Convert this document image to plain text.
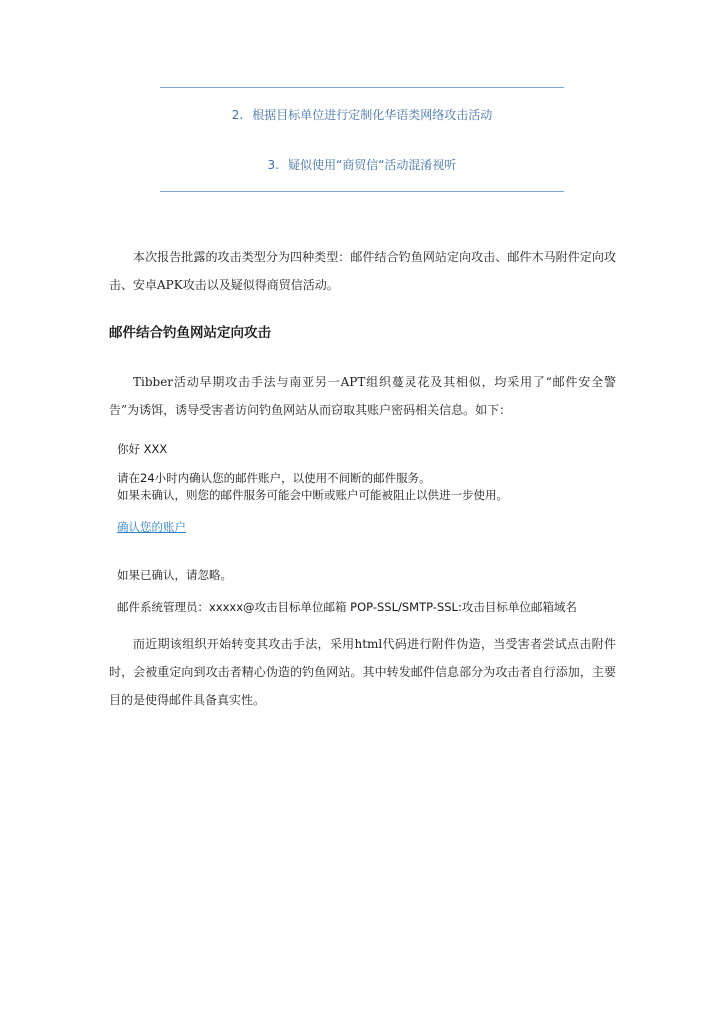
2. 根据目标单位进行定制化华语类网络攻击活动
3. 疑似使用“商贸信“活动混淆视听
本次报告批露的攻击类型分为四种类型：邮件结合钓鱼网站定向攻击、邮件木马附件定向攻击、安卓APK攻击以及疑似得商贸信活动。
邮件结合钓鱼网站定向攻击
Tibber活动早期攻击手法与南亚另一APT组织蔓灵花及其相似，均采用了“邮件安全警告”为诱饵，诱导受害者访问钓鱼网站从而窃取其账户密码相关信息。如下：
你好 XXX
请在24小时内确认您的邮件账户，以使用不间断的邮件服务。
如果未确认，则您的邮件服务可能会中断或账户可能被阻止以供进一步使用。
确认您的账户
如果已确认，请忽略。
邮件系统管理员：xxxxx@攻击目标单位邮箱 POP-SSL/SMTP-SSL:攻击目标单位邮箱域名
而近期该组织开始转变其攻击手法，采用html代码进行附件伪造，当受害者尝试点击附件时，会被重定向到攻击者精心伪造的钓鱼网站。其中转发邮件信息部分为攻击者自行添加，主要目的是使得邮件具备真实性。
